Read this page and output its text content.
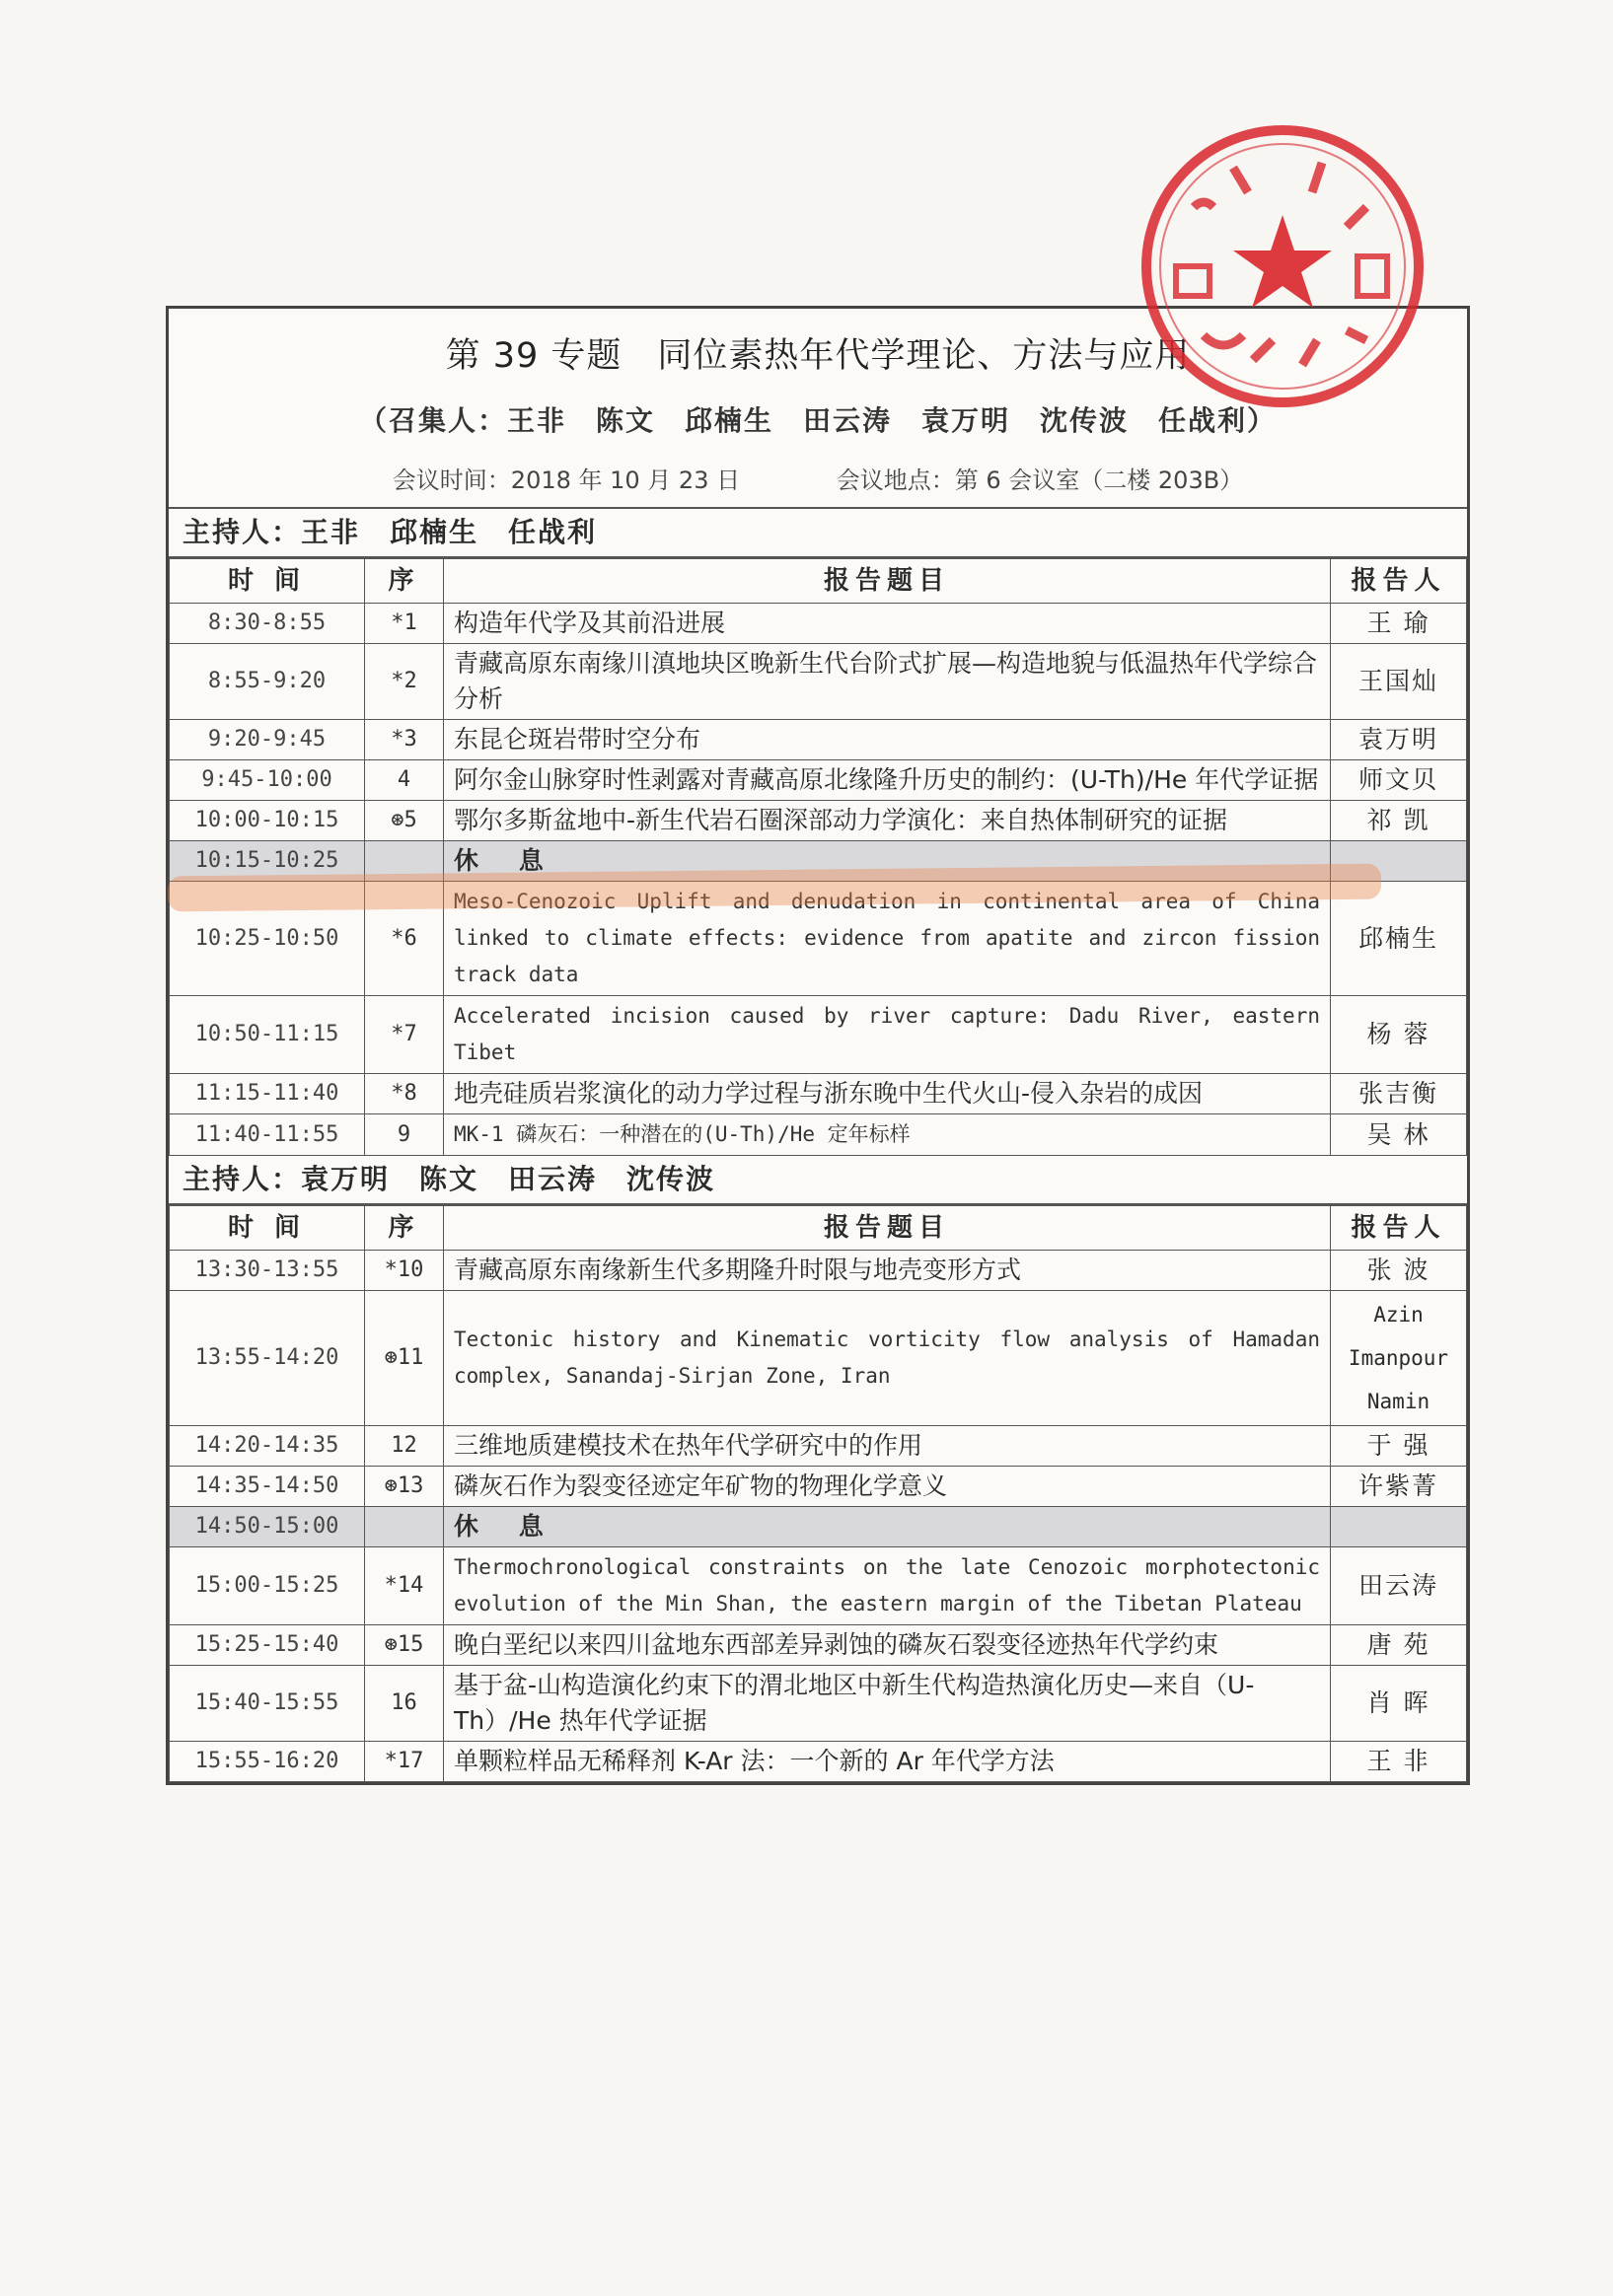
第 39 专题　同位素热年代学理论、方法与应用
（召集人：王非　陈文　邱楠生　田云涛　袁万明　沈传波　任战利）
会议时间：2018 年 10 月 23 日	会议地点：第 6 会议室（二楼 203B）
主持人：王非　邱楠生　任战利
时 间	序	报告题目	报告人
8:30-8:55	*1	构造年代学及其前沿进展	王 瑜
8:55-9:20	*2	青藏高原东南缘川滇地块区晚新生代台阶式扩展—构造地貌与低温热年代学综合分析	王国灿
9:20-9:45	*3	东昆仑斑岩带时空分布	袁万明
9:45-10:00	4	阿尔金山脉穿时性剥露对青藏高原北缘隆升历史的制约：(U-Th)/He 年代学证据	师文贝
10:00-10:15	⊛5	鄂尔多斯盆地中-新生代岩石圈深部动力学演化：来自热体制研究的证据	祁 凯
10:15-10:25		休 息	
10:25-10:50	*6	Meso-Cenozoic Uplift and denudation in continental area of China linked to climate effects: evidence from apatite and zircon fission track data	邱楠生
10:50-11:15	*7	Accelerated incision caused by river capture: Dadu River, eastern Tibet	杨 蓉
11:15-11:40	*8	地壳硅质岩浆演化的动力学过程与浙东晚中生代火山-侵入杂岩的成因	张吉衡
11:40-11:55	9	MK-1 磷灰石：一种潜在的(U-Th)/He 定年标样	吴 林
主持人：袁万明　陈文　田云涛　沈传波
时 间	序	报告题目	报告人
13:30-13:55	*10	青藏高原东南缘新生代多期隆升时限与地壳变形方式	张 波
13:55-14:20	⊛11	Tectonic history and Kinematic vorticity flow analysis of Hamadan complex, Sanandaj-Sirjan Zone, Iran	Azin Imanpour Namin
14:20-14:35	12	三维地质建模技术在热年代学研究中的作用	于 强
14:35-14:50	⊛13	磷灰石作为裂变径迹定年矿物的物理化学意义	许紫菁
14:50-15:00		休 息	
15:00-15:25	*14	Thermochronological constraints on the late Cenozoic morphotectonic evolution of the Min Shan, the eastern margin of the Tibetan Plateau	田云涛
15:25-15:40	⊛15	晚白垩纪以来四川盆地东西部差异剥蚀的磷灰石裂变径迹热年代学约束	唐 苑
15:40-15:55	16	基于盆-山构造演化约束下的渭北地区中新生代构造热演化历史—来自（U-Th）/He 热年代学证据	肖 晖
15:55-16:20	*17	单颗粒样品无稀释剂 K-Ar 法：一个新的 Ar 年代学方法	王 非
